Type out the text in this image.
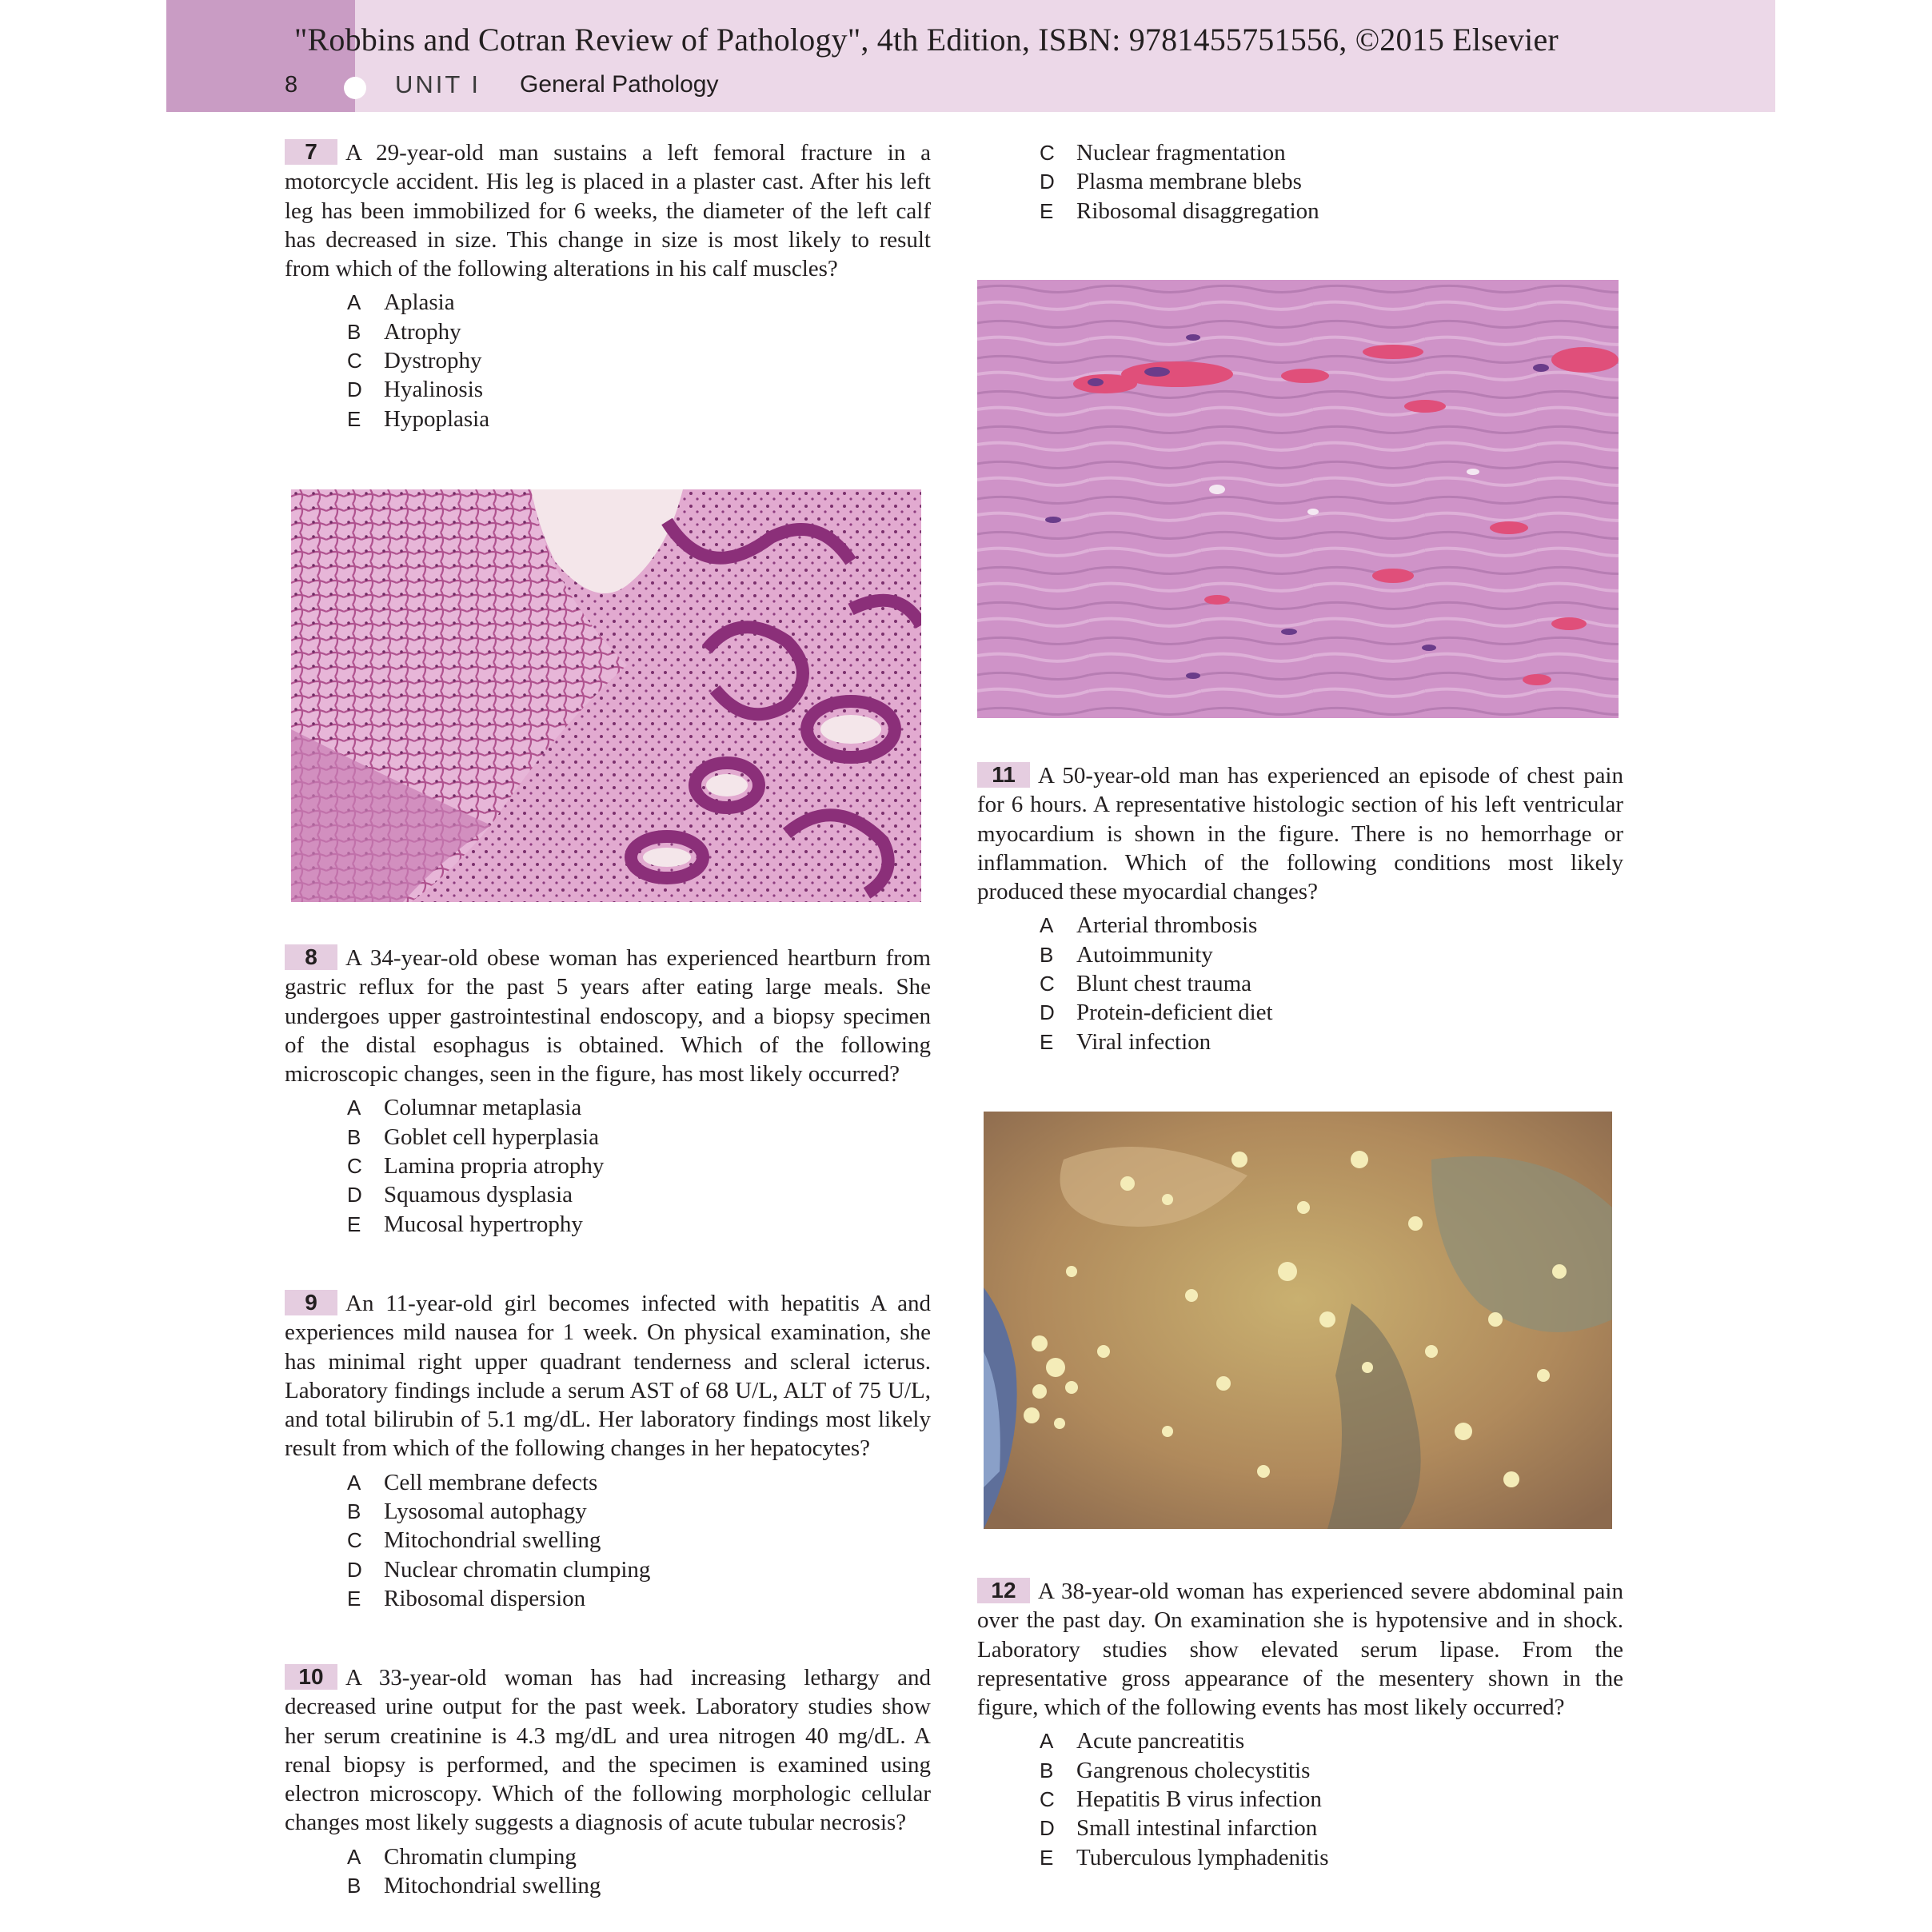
"Robbins and Cotran Review of Pathology", 4th Edition, ISBN: 9781455751556, ©2015 Elsevier
8	UNIT I General Pathology

7 A 29-year-old man sustains a left femoral fracture in a motorcycle accident. His leg is placed in a plaster cast. After his left leg has been immobilized for 6 weeks, the diameter of the left calf has decreased in size. This change in size is most likely to result from which of the following alterations in his calf muscles?

A Aplasia
B Atrophy
C Dystrophy
D Hyalinosis
E Hypoplasia

8 A 34-year-old obese woman has experienced heartburn from gastric reflux for the past 5 years after eating large meals. She undergoes upper gastrointestinal endoscopy, and a biopsy specimen of the distal esophagus is obtained. Which of the following microscopic changes, seen in the figure, has most likely occurred?

A Columnar metaplasia
B Goblet cell hyperplasia
C Lamina propria atrophy
D Squamous dysplasia
E Mucosal hypertrophy

9 An 11-year-old girl becomes infected with hepatitis A and experiences mild nausea for 1 week. On physical examination, she has minimal right upper quadrant tenderness and scleral icterus. Laboratory findings include a serum AST of 68 U/L, ALT of 75 U/L, and total bilirubin of 5.1 mg/dL. Her laboratory findings most likely result from which of the following changes in her hepatocytes?

A Cell membrane defects
B Lysosomal autophagy
C Mitochondrial swelling
D Nuclear chromatin clumping
E Ribosomal dispersion

10 A 33-year-old woman has had increasing lethargy and decreased urine output for the past week. Laboratory studies show her serum creatinine is 4.3 mg/dL and urea nitrogen 40 mg/dL. A renal biopsy is performed, and the specimen is examined using electron microscopy. Which of the following morphologic cellular changes most likely suggests a diagnosis of acute tubular necrosis?

A Chromatin clumping
B Mitochondrial swelling
C Nuclear fragmentation
D Plasma membrane blebs
E Ribosomal disaggregation

11 A 50-year-old man has experienced an episode of chest pain for 6 hours. A representative histologic section of his left ventricular myocardium is shown in the figure. There is no hemorrhage or inflammation. Which of the following conditions most likely produced these myocardial changes?

A Arterial thrombosis
B Autoimmunity
C Blunt chest trauma
D Protein-deficient diet
E Viral infection

12 A 38-year-old woman has experienced severe abdominal pain over the past day. On examination she is hypotensive and in shock. Laboratory studies show elevated serum lipase. From the representative gross appearance of the mesentery shown in the figure, which of the following events has most likely occurred?

A Acute pancreatitis
B Gangrenous cholecystitis
C Hepatitis B virus infection
D Small intestinal infarction
E Tuberculous lymphadenitis
